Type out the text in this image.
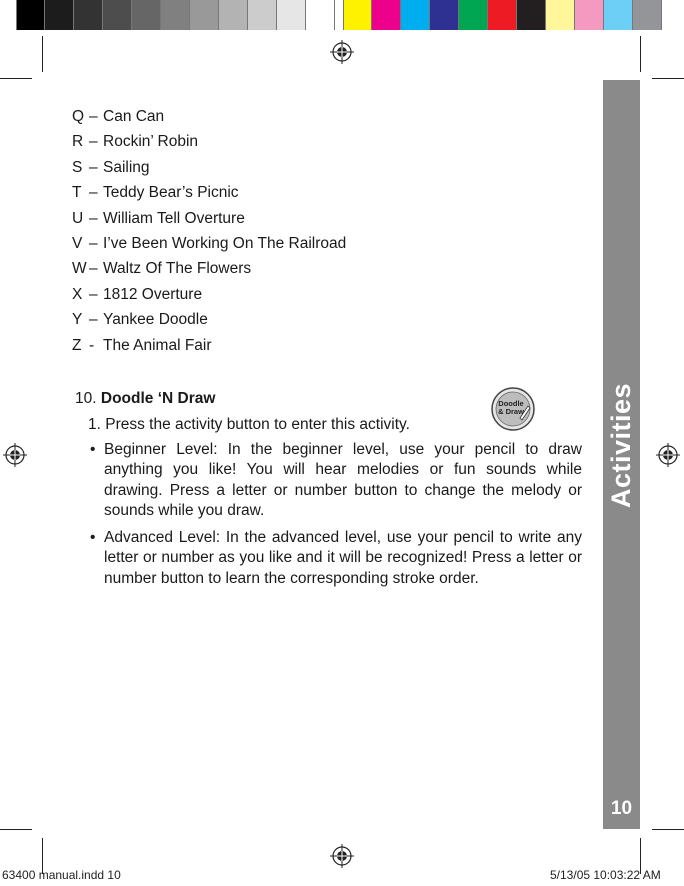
Activities
10
Q – Can Can
R – Rockin’ Robin
S – Sailing
T – Teddy Bear’s Picnic
U – William Tell Overture
V – I’ve Been Working On The Railroad
W – Waltz Of The Flowers
X – 1812 Overture
Y – Yankee Doodle
Z - The Animal Fair
10. Doodle ‘N Draw	Doodle
& Draw
1. Press the activity button to enter this activity.
• Beginner Level: In the beginner level, use your pencil to draw anything you like! You will hear melodies or fun sounds while drawing. Press a letter or number button to change the melody or sounds while you draw.
• Advanced Level: In the advanced level, use your pencil to write any letter or number as you like and it will be recognized! Press a letter or number button to learn the corresponding stroke order.
63400 manual.indd 10	5/13/05 10:03:22 AM
